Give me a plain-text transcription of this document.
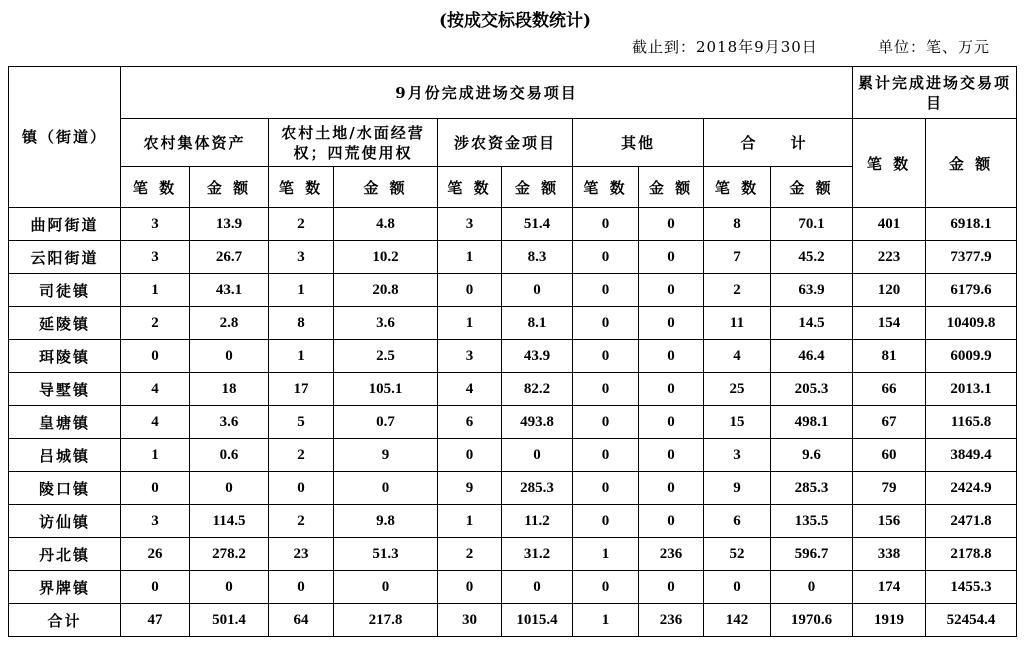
(按成交标段数统计)
截止到：2018年9月30日	单位：笔、万元
镇（街道）	9月份完成进场交易项目										累计完成进场交易项目	
	农村集体资产		农村土地/水面经营权；四荒使用权		涉农资金项目		其他		合　计		笔 数	金 额
	笔 数	金 额	笔 数	金 额	笔 数	金 额	笔 数	金 额	笔 数	金 额		
曲阿街道	3	13.9	2	4.8	3	51.4	0	0	8	70.1	401	6918.1
云阳街道	3	26.7	3	10.2	1	8.3	0	0	7	45.2	223	7377.9
司徒镇	1	43.1	1	20.8	0	0	0	0	2	63.9	120	6179.6
延陵镇	2	2.8	8	3.6	1	8.1	0	0	11	14.5	154	10409.8
珥陵镇	0	0	1	2.5	3	43.9	0	0	4	46.4	81	6009.9
导墅镇	4	18	17	105.1	4	82.2	0	0	25	205.3	66	2013.1
皇塘镇	4	3.6	5	0.7	6	493.8	0	0	15	498.1	67	1165.8
吕城镇	1	0.6	2	9	0	0	0	0	3	9.6	60	3849.4
陵口镇	0	0	0	0	9	285.3	0	0	9	285.3	79	2424.9
访仙镇	3	114.5	2	9.8	1	11.2	0	0	6	135.5	156	2471.8
丹北镇	26	278.2	23	51.3	2	31.2	1	236	52	596.7	338	2178.8
界牌镇	0	0	0	0	0	0	0	0	0	0	174	1455.3
合计	47	501.4	64	217.8	30	1015.4	1	236	142	1970.6	1919	52454.4
